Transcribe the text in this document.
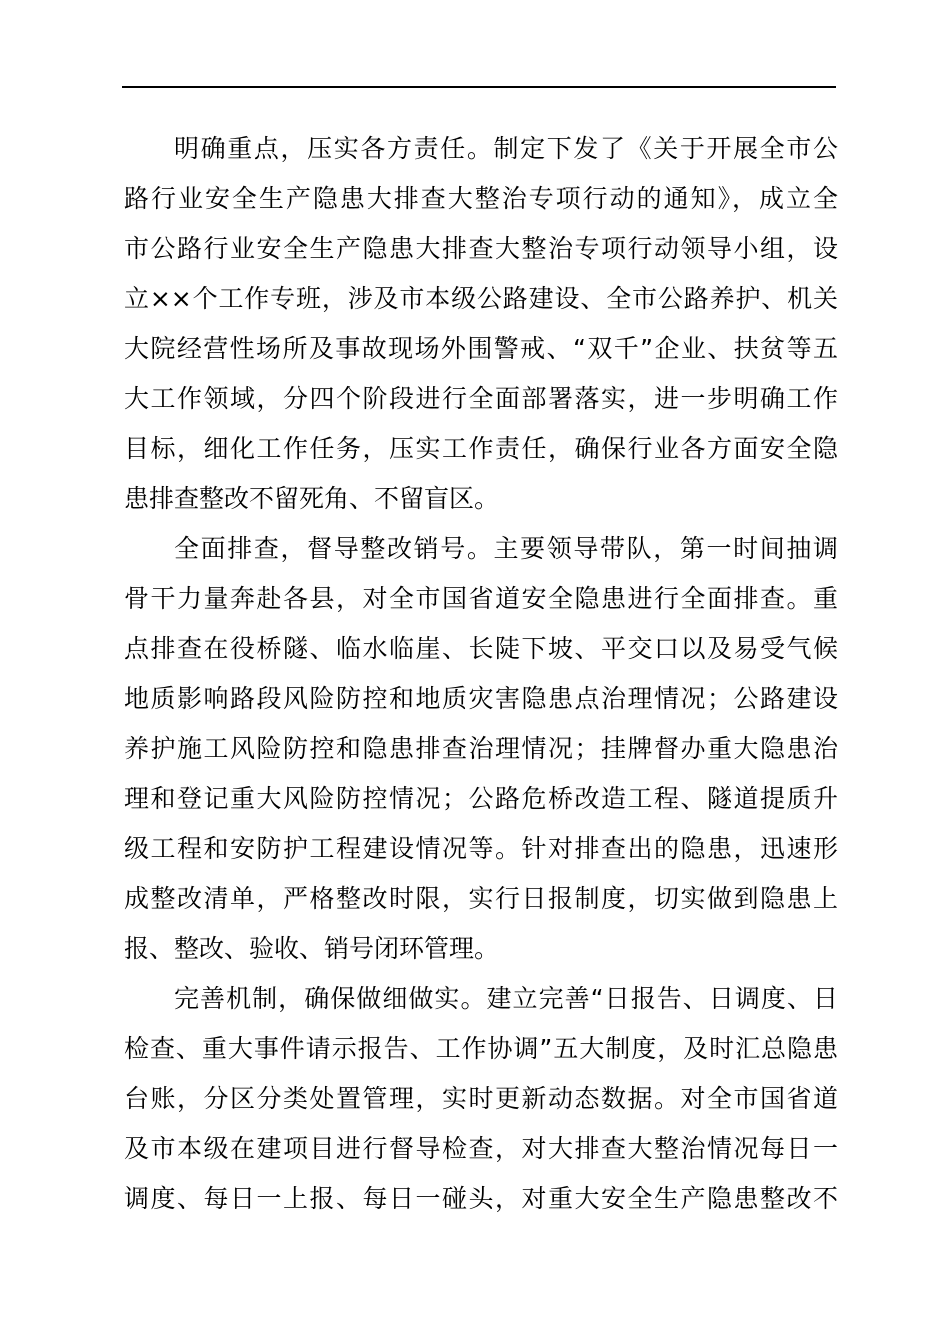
明确重点，压实各方责任。制定下发了《关于开展全市公
路行业安全生产隐患大排查大整治专项行动的通知》，成立全
市公路行业安全生产隐患大排查大整治专项行动领导小组，设
立××个工作专班，涉及市本级公路建设、全市公路养护、机关
大院经营性场所及事故现场外围警戒、“双千”企业、扶贫等五
大工作领域，分四个阶段进行全面部署落实，进一步明确工作
目标，细化工作任务，压实工作责任，确保行业各方面安全隐
患排查整改不留死角、不留盲区。
全面排查，督导整改销号。主要领导带队，第一时间抽调
骨干力量奔赴各县，对全市国省道安全隐患进行全面排查。重
点排查在役桥隧、临水临崖、长陡下坡、平交口以及易受气候
地质影响路段风险防控和地质灾害隐患点治理情况；公路建设
养护施工风险防控和隐患排查治理情况；挂牌督办重大隐患治
理和登记重大风险防控情况；公路危桥改造工程、隧道提质升
级工程和安防护工程建设情况等。针对排查出的隐患，迅速形
成整改清单，严格整改时限，实行日报制度，切实做到隐患上
报、整改、验收、销号闭环管理。
完善机制，确保做细做实。建立完善“日报告、日调度、日
检查、重大事件请示报告、工作协调”五大制度，及时汇总隐患
台账，分区分类处置管理，实时更新动态数据。对全市国省道
及市本级在建项目进行督导检查，对大排查大整治情况每日一
调度、每日一上报、每日一碰头，对重大安全生产隐患整改不
